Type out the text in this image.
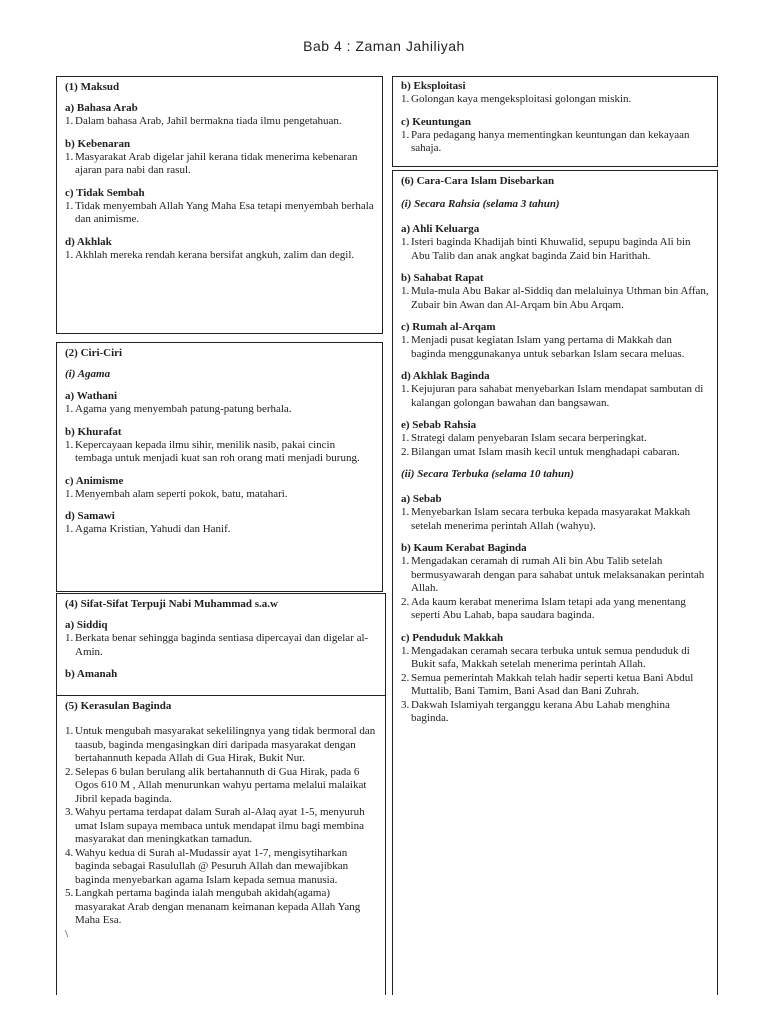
Bab 4 : Zaman Jahiliyah
(1) Maksud
a) Bahasa Arab
1. Dalam bahasa Arab, Jahil bermakna tiada ilmu pengetahuan.
b) Kebenaran
1. Masyarakat Arab digelar jahil kerana tidak menerima kebenaran ajaran para nabi dan rasul.
c) Tidak Sembah
1. Tidak menyembah Allah Yang Maha Esa tetapi menyembah berhala dan animisme.
d) Akhlak
1. Akhlah mereka rendah kerana bersifat angkuh, zalim dan degil.
(2) Ciri-Ciri
(i) Agama
a) Wathani
1. Agama yang menyembah patung-patung berhala.
b) Khurafat
1. Kepercayaan kepada ilmu sihir, menilik nasib, pakai cincin tembaga untuk menjadi kuat san roh orang mati menjadi burung.
c) Animisme
1. Menyembah alam seperti pokok, batu, matahari.
d) Samawi
1. Agama Kristian, Yahudi dan Hanif.
(4) Sifat-Sifat Terpuji Nabi Muhammad s.a.w
a) Siddiq
1. Berkata benar sehingga baginda sentiasa dipercayai dan digelar al-Amin.
b) Amanah
(5) Kerasulan Baginda
1. Untuk mengubah masyarakat sekelilingnya yang tidak bermoral dan taasub, baginda mengasingkan diri daripada masyarakat dengan bertahannuth kepada Allah di Gua Hirak, Bukit Nur.
2. Selepas 6 bulan berulang alik bertahannuth di Gua Hirak, pada 6 Ogos 610 M , Allah menurunkan wahyu pertama melalui malaikat Jibril kepada baginda.
3. Wahyu pertama terdapat dalam Surah al-Alaq ayat 1-5, menyuruh umat Islam supaya membaca untuk mendapat ilmu bagi membina masyarakat dan meningkatkan tamadun.
4. Wahyu kedua di Surah al-Mudassir ayat 1-7, mengisytiharkan baginda sebagai Rasulullah @ Pesuruh Allah dan mewajibkan baginda menyebarkan agama Islam kepada semua manusia.
5. Langkah pertama baginda ialah mengubah akidah(agama) masyarakat Arab dengan menanam keimanan kepada Allah Yang Maha Esa.
\
b) Eksploitasi
1. Golongan kaya mengeksploitasi golongan miskin.
c) Keuntungan
1. Para pedagang hanya mementingkan keuntungan dan kekayaan sahaja.
(6) Cara-Cara Islam Disebarkan
(i) Secara Rahsia (selama 3 tahun)
a) Ahli Keluarga
1. Isteri baginda Khadijah binti Khuwalid, sepupu baginda Ali bin Abu Talib dan anak angkat baginda Zaid bin Harithah.
b) Sahabat Rapat
1. Mula-mula Abu Bakar al-Siddiq dan melaluinya Uthman bin Affan, Zubair bin Awan dan Al-Arqam bin Abu Arqam.
c) Rumah al-Arqam
1. Menjadi pusat kegiatan Islam yang pertama di Makkah dan baginda menggunakanya untuk sebarkan Islam secara meluas.
d) Akhlak Baginda
1. Kejujuran para sahabat menyebarkan Islam mendapat sambutan di kalangan golongan bawahan dan bangsawan.
e) Sebab Rahsia
1. Strategi dalam penyebaran Islam secara berperingkat.
2. Bilangan umat Islam masih kecil untuk menghadapi cabaran.
(ii) Secara Terbuka (selama 10 tahun)
a) Sebab
1. Menyebarkan Islam secara terbuka kepada masyarakat Makkah setelah menerima perintah Allah (wahyu).
b) Kaum Kerabat Baginda
1. Mengadakan ceramah di rumah Ali bin Abu Talib setelah bermusyawarah dengan para sahabat untuk melaksanakan perintah Allah.
2. Ada kaum kerabat menerima Islam tetapi ada yang menentang seperti Abu Lahab, bapa saudara baginda.
c) Penduduk Makkah
1. Mengadakan ceramah secara terbuka untuk semua penduduk di Bukit safa, Makkah setelah menerima perintah Allah.
2. Semua pemerintah Makkah telah hadir seperti ketua Bani Abdul Muttalib, Bani Tamim, Bani Asad dan Bani Zuhrah.
3. Dakwah Islamiyah terganggu kerana Abu Lahab menghina baginda.
